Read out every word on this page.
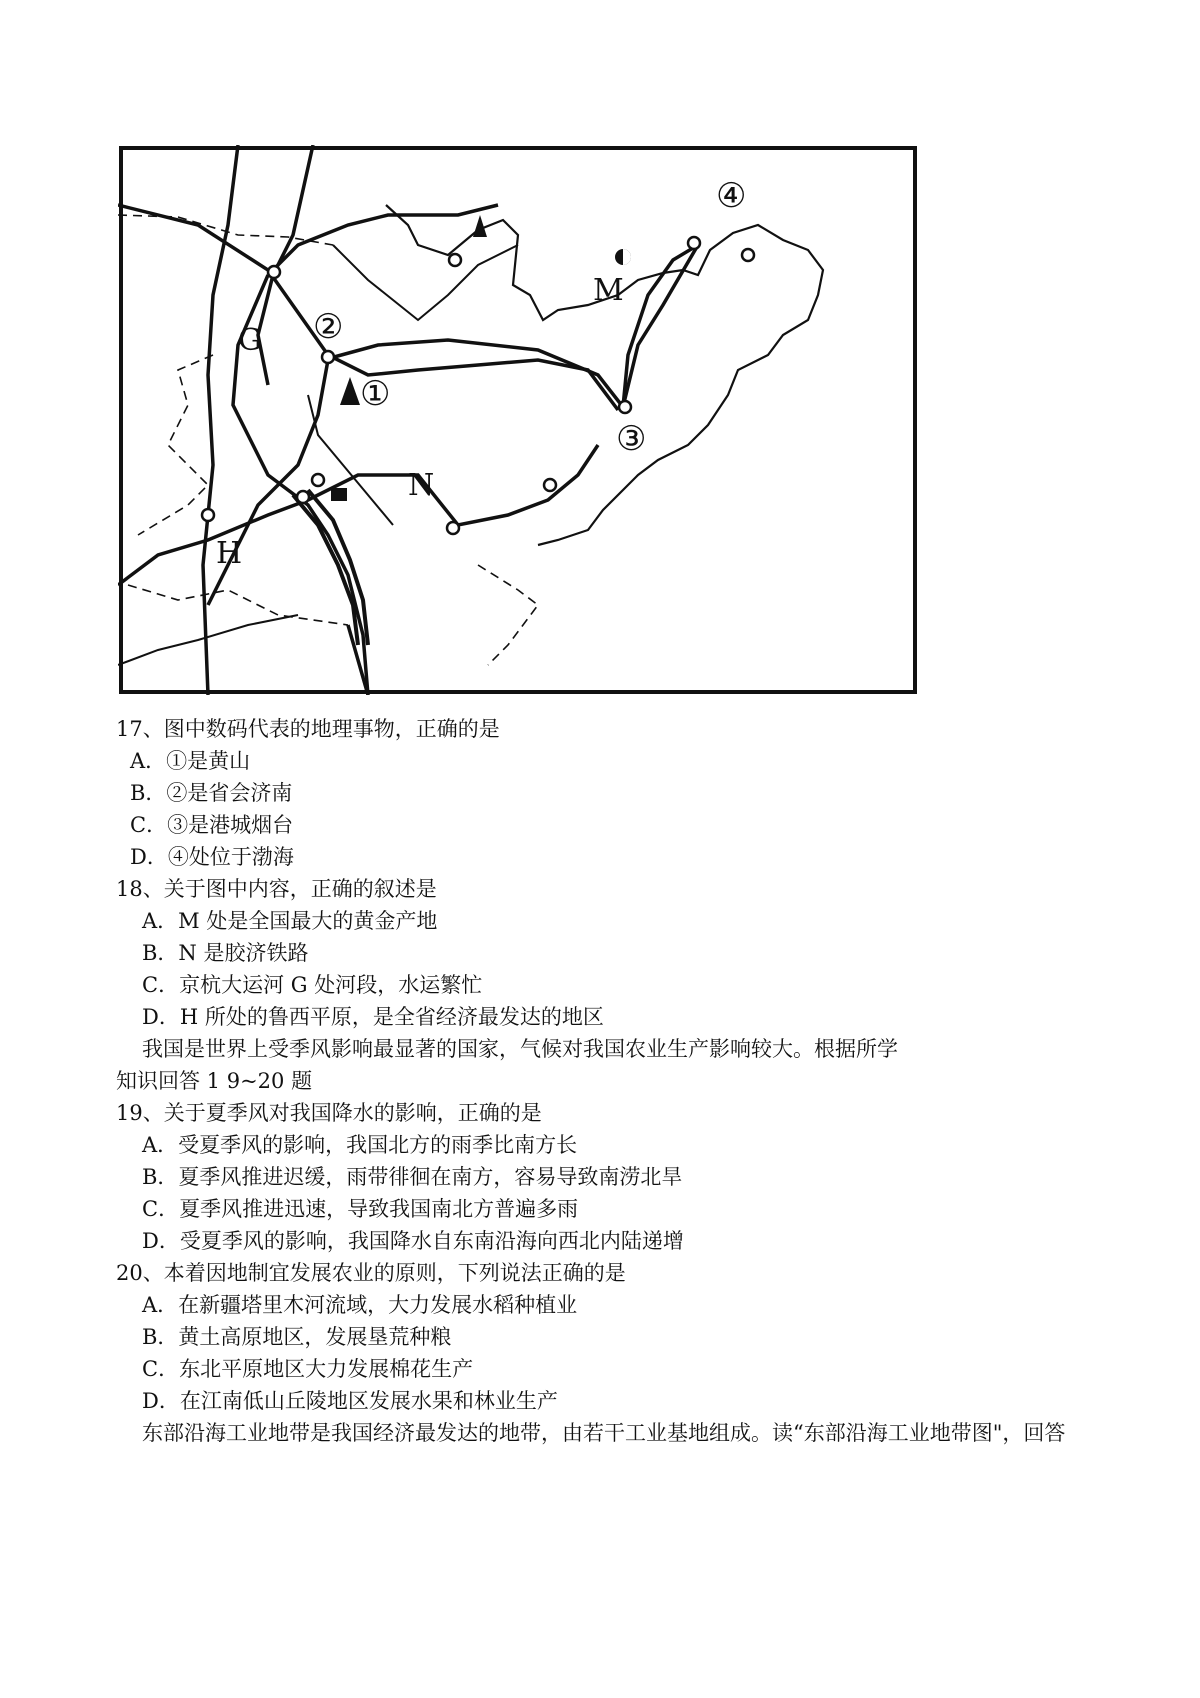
G
H
M
N
①
②
③
④
17、图中数码代表的地理事物，正确的是
A．①是黄山
B．②是省会济南
C．③是港城烟台
D．④处位于渤海
18、关于图中内容，正确的叙述是
A．M 处是全国最大的黄金产地
B．N 是胶济铁路
C．京杭大运河 G 处河段，水运繁忙
D．H 所处的鲁西平原，是全省经济最发达的地区
我国是世界上受季风影响最显著的国家，气候对我国农业生产影响较大。根据所学
知识回答 1 9~20 题
19、关于夏季风对我国降水的影响，正确的是
A．受夏季风的影响，我国北方的雨季比南方长
B．夏季风推进迟缓，雨带徘徊在南方，容易导致南涝北旱
C．夏季风推进迅速，导致我国南北方普遍多雨
D．受夏季风的影响，我国降水自东南沿海向西北内陆递增
20、本着因地制宜发展农业的原则，下列说法正确的是
A．在新疆塔里木河流域，大力发展水稻种植业
B．黄土高原地区，发展垦荒种粮
C．东北平原地区大力发展棉花生产
D．在江南低山丘陵地区发展水果和林业生产
东部沿海工业地带是我国经济最发达的地带，由若干工业基地组成。读“东部沿海工业地带图"，回答
